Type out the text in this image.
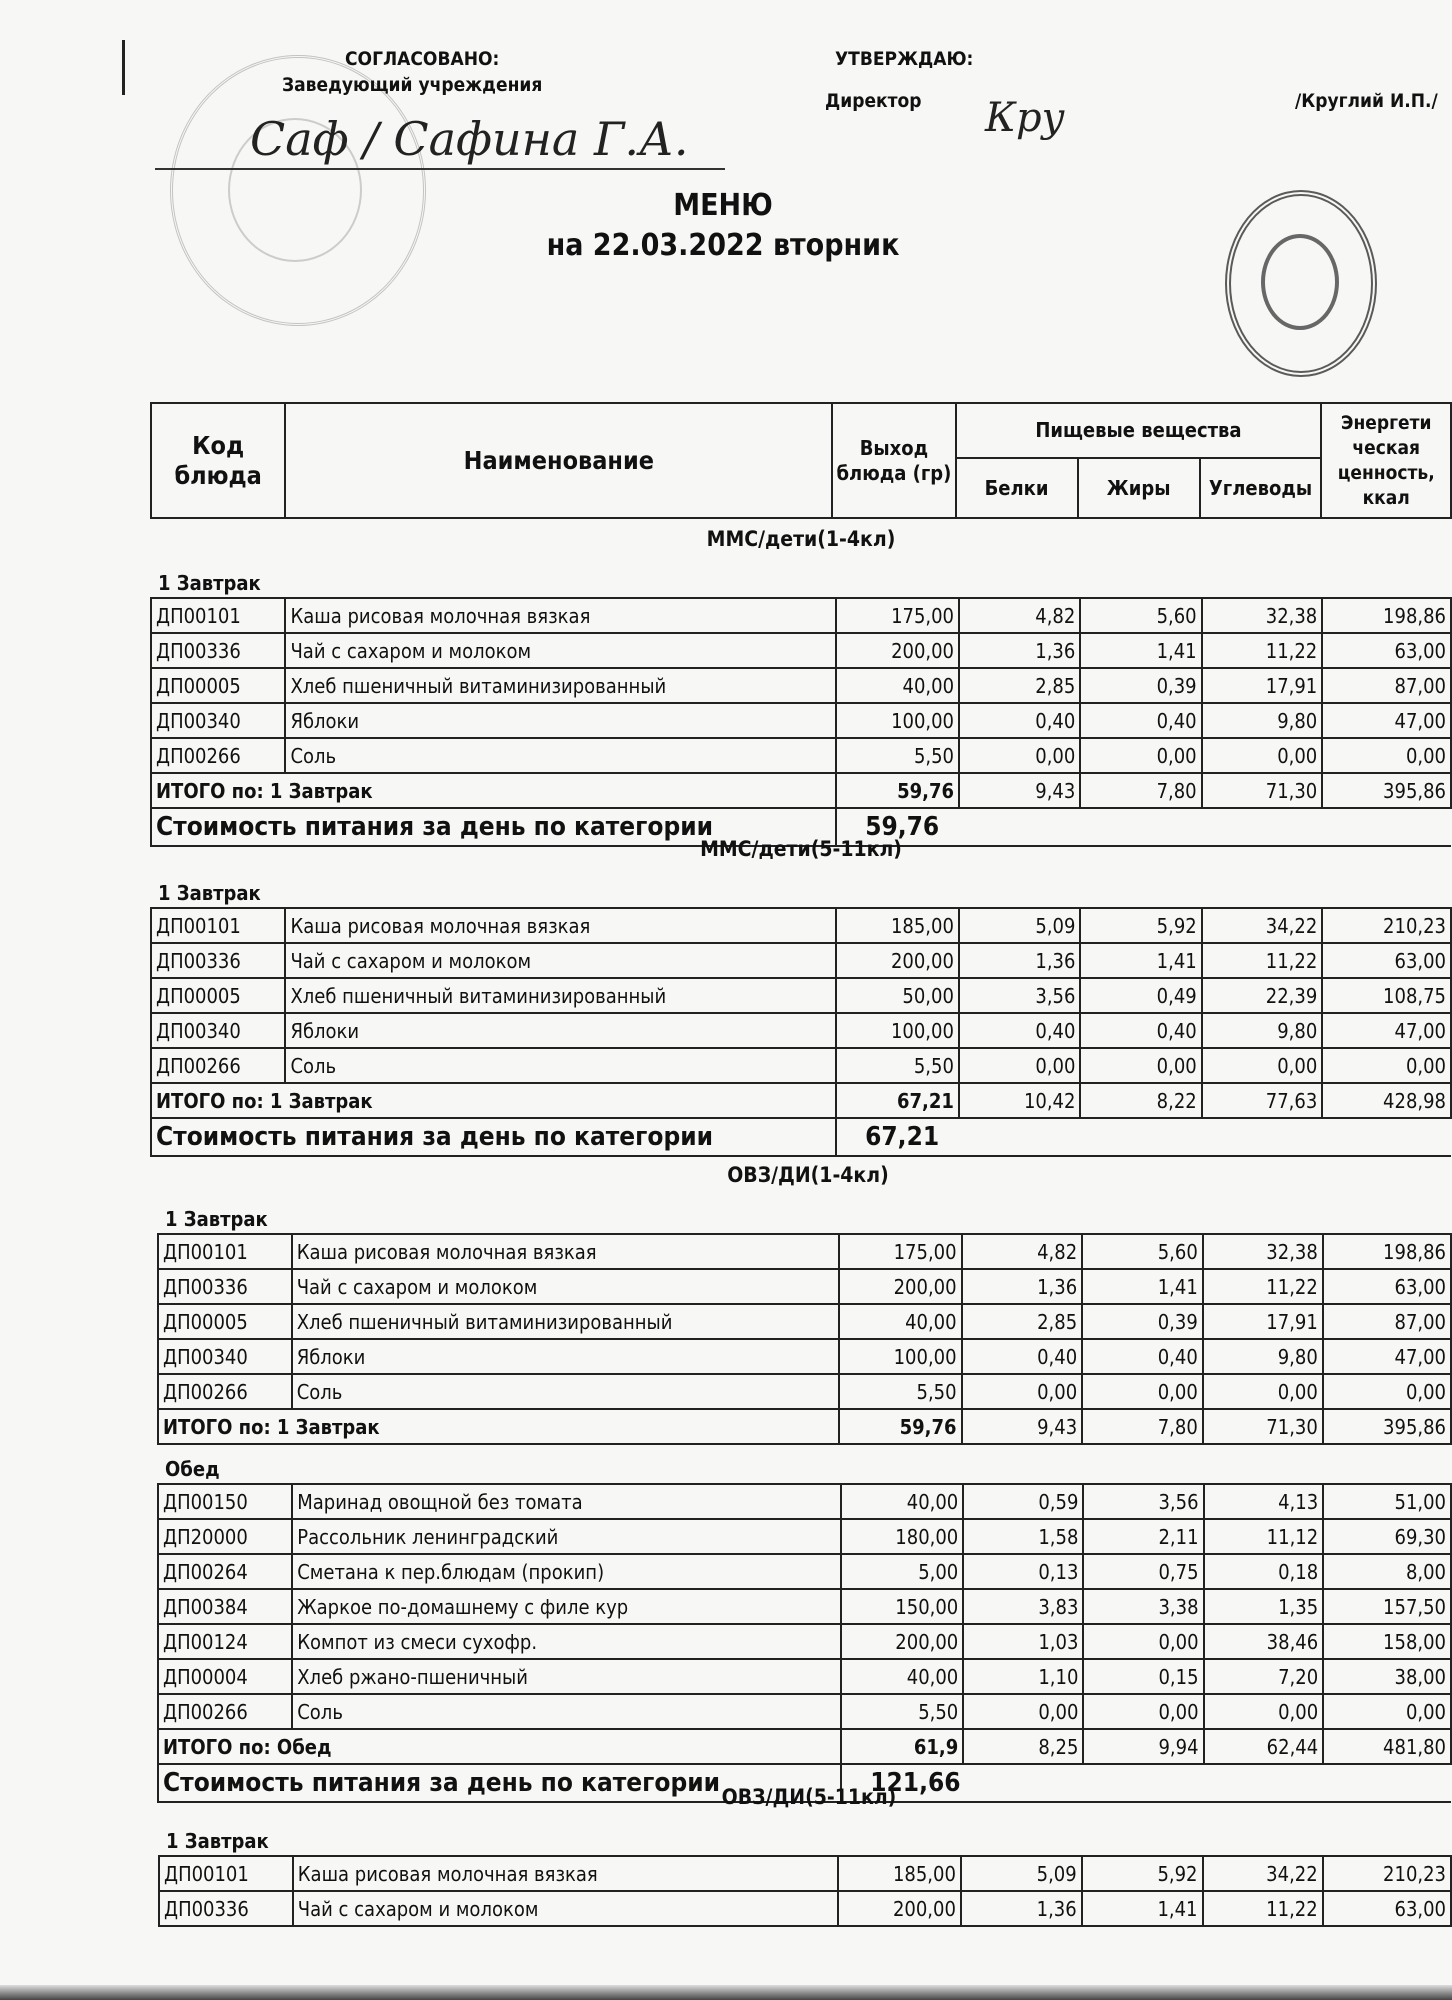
СОГЛАСОВАНО:
Заведующий учреждения
Саф / Сафина Г.А.
УТВЕРЖДАЮ:
Директор Кру	/Круглий И.П./
МЕНЮ
на 22.03.2022 вторник
Код блюда	Наименование	Выход блюда (гр)	Пищевые вещества			Энергети ческая ценность, ккал
			Белки	Жиры	Углеводы	
ММС/дети(1-4кл)
1 Завтрак
ДП00101	Каша рисовая молочная вязкая	175,00	4,82	5,60	32,38	198,86
ДП00336	Чай с сахаром и молоком	200,00	1,36	1,41	11,22	63,00
ДП00005	Хлеб пшеничный витаминизированный	40,00	2,85	0,39	17,91	87,00
ДП00340	Яблоки	100,00	0,40	0,40	9,80	47,00
ДП00266	Соль	5,50	0,00	0,00	0,00	0,00
ИТОГО по: 1 Завтрак		59,76	9,43	7,80	71,30	395,86
Стоимость питания за день по категории		59,76				
ММС/дети(5-11кл)
1 Завтрак
ДП00101	Каша рисовая молочная вязкая	185,00	5,09	5,92	34,22	210,23
ДП00336	Чай с сахаром и молоком	200,00	1,36	1,41	11,22	63,00
ДП00005	Хлеб пшеничный витаминизированный	50,00	3,56	0,49	22,39	108,75
ДП00340	Яблоки	100,00	0,40	0,40	9,80	47,00
ДП00266	Соль	5,50	0,00	0,00	0,00	0,00
ИТОГО по: 1 Завтрак		67,21	10,42	8,22	77,63	428,98
Стоимость питания за день по категории		67,21				
ОВЗ/ДИ(1-4кл)
1 Завтрак
ДП00101	Каша рисовая молочная вязкая	175,00	4,82	5,60	32,38	198,86
ДП00336	Чай с сахаром и молоком	200,00	1,36	1,41	11,22	63,00
ДП00005	Хлеб пшеничный витаминизированный	40,00	2,85	0,39	17,91	87,00
ДП00340	Яблоки	100,00	0,40	0,40	9,80	47,00
ДП00266	Соль	5,50	0,00	0,00	0,00	0,00
ИТОГО по: 1 Завтрак		59,76	9,43	7,80	71,30	395,86
Обед
ДП00150	Маринад овощной без томата	40,00	0,59	3,56	4,13	51,00
ДП20000	Рассольник ленинградский	180,00	1,58	2,11	11,12	69,30
ДП00264	Сметана к пер.блюдам (прокип)	5,00	0,13	0,75	0,18	8,00
ДП00384	Жаркое по-домашнему с филе кур	150,00	3,83	3,38	1,35	157,50
ДП00124	Компот из смеси сухофр.	200,00	1,03	0,00	38,46	158,00
ДП00004	Хлеб ржано-пшеничный	40,00	1,10	0,15	7,20	38,00
ДП00266	Соль	5,50	0,00	0,00	0,00	0,00
ИТОГО по: Обед		61,9	8,25	9,94	62,44	481,80
Стоимость питания за день по категории		121,66				
ОВЗ/ДИ(5-11кл)
1 Завтрак
ДП00101	Каша рисовая молочная вязкая	185,00	5,09	5,92	34,22	210,23
ДП00336	Чай с сахаром и молоком	200,00	1,36	1,41	11,22	63,00
